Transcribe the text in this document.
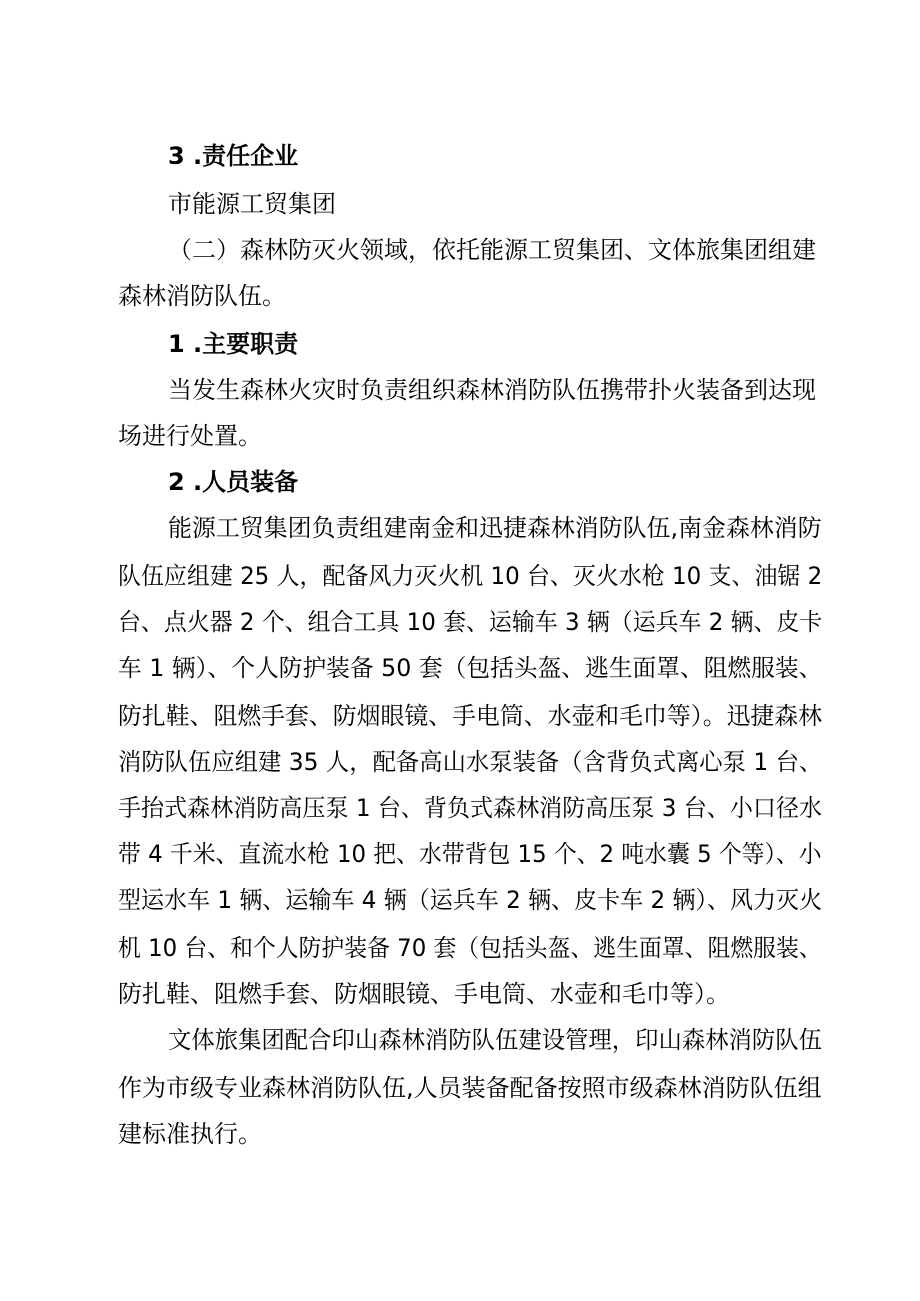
3 .责任企业
市能源工贸集团
（二）森林防灭火领域，依托能源工贸集团、文体旅集团组建
森林消防队伍。
1 .主要职责
当发生森林火灾时负责组织森林消防队伍携带扑火装备到达现
场进行处置。
2 .人员装备
能源工贸集团负责组建南金和迅捷森林消防队伍,南金森林消防
队伍应组建 25 人，配备风力灭火机 10 台、灭火水枪 10 支、油锯 2
台、点火器 2 个、组合工具 10 套、运输车 3 辆（运兵车 2 辆、皮卡
车 1 辆）、个人防护装备 50 套（包括头盔、逃生面罩、阻燃服装、
防扎鞋、阻燃手套、防烟眼镜、手电筒、水壶和毛巾等）。迅捷森林
消防队伍应组建 35 人，配备高山水泵装备（含背负式离心泵 1 台、
手抬式森林消防高压泵 1 台、背负式森林消防高压泵 3 台、小口径水
带 4 千米、直流水枪 10 把、水带背包 15 个、2 吨水囊 5 个等）、小
型运水车 1 辆、运输车 4 辆（运兵车 2 辆、皮卡车 2 辆）、风力灭火
机 10 台、和个人防护装备 70 套（包括头盔、逃生面罩、阻燃服装、
防扎鞋、阻燃手套、防烟眼镜、手电筒、水壶和毛巾等）。
文体旅集团配合印山森林消防队伍建设管理，印山森林消防队伍
作为市级专业森林消防队伍,人员装备配备按照市级森林消防队伍组
建标准执行。
